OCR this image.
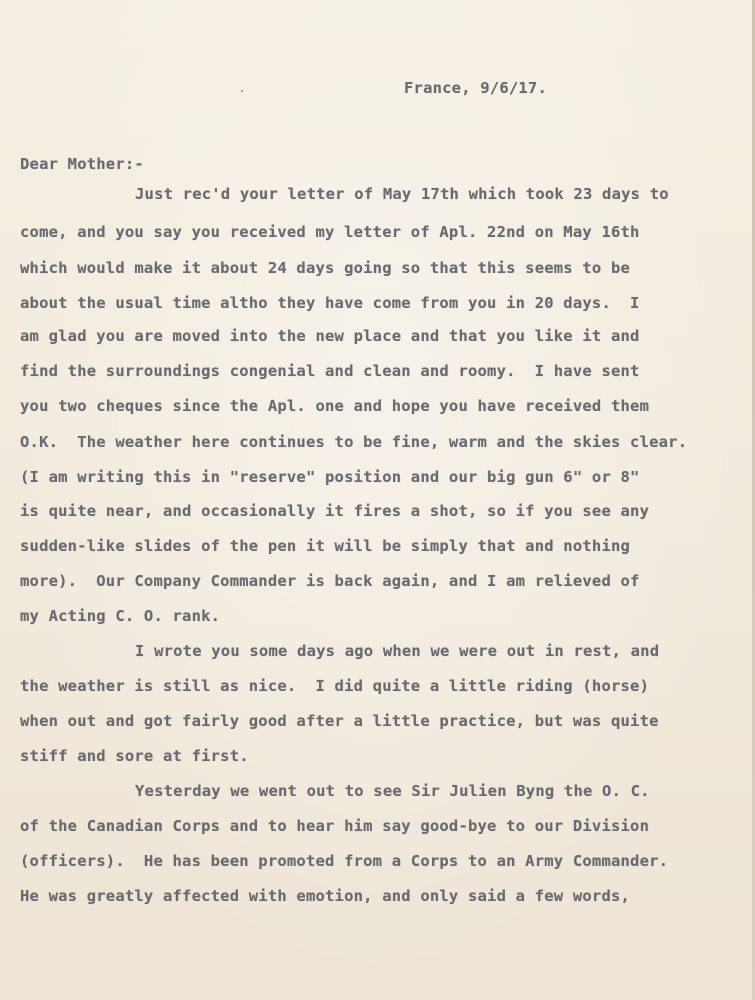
France, 9/6/17.
Dear Mother:-
Just rec'd your letter of May 17th which took 23 days to
come, and you say you received my letter of Apl. 22nd on May 16th
which would make it about 24 days going so that this seems to be
about the usual time altho they have come from you in 20 days.  I
am glad you are moved into the new place and that you like it and
find the surroundings congenial and clean and roomy.  I have sent
you two cheques since the Apl. one and hope you have received them
O.K.  The weather here continues to be fine, warm and the skies clear.
(I am writing this in "reserve" position and our big gun 6" or 8"
is quite near, and occasionally it fires a shot, so if you see any
sudden-like slides of the pen it will be simply that and nothing
more).  Our Company Commander is back again, and I am relieved of
my Acting C. O. rank.
I wrote you some days ago when we were out in rest, and
the weather is still as nice.  I did quite a little riding (horse)
when out and got fairly good after a little practice, but was quite
stiff and sore at first.
Yesterday we went out to see Sir Julien Byng the O. C.
of the Canadian Corps and to hear him say good-bye to our Division
(officers).  He has been promoted from a Corps to an Army Commander.
He was greatly affected with emotion, and only said a few words,
